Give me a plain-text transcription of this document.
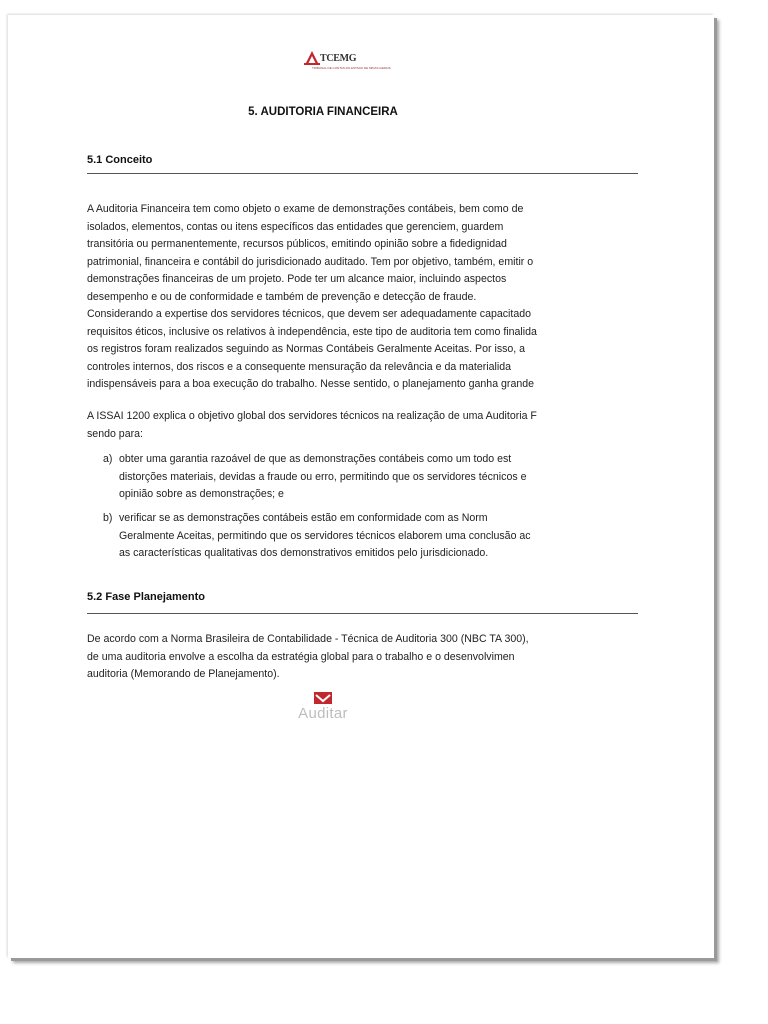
TCEMG
TRIBUNAL DE CONTAS DO ESTADO DE MINAS GERAIS
5. AUDITORIA FINANCEIRA
5.1 Conceito
A Auditoria Financeira tem como objeto o exame de demonstrações contábeis, bem como de
isolados, elementos, contas ou itens específicos das entidades que gerenciem, guardem
transitória ou permanentemente, recursos públicos, emitindo opinião sobre a fidedignidad
patrimonial, financeira e contábil do jurisdicionado auditado. Tem por objetivo, também, emitir o
demonstrações financeiras de um projeto. Pode ter um alcance maior, incluindo aspectos
desempenho e ou de conformidade e também de prevenção e detecção de fraude.
Considerando a expertise dos servidores técnicos, que devem ser adequadamente capacitado
requisitos éticos, inclusive os relativos à independência, este tipo de auditoria tem como finalida
os registros foram realizados seguindo as Normas Contábeis Geralmente Aceitas. Por isso, a
controles internos, dos riscos e a consequente mensuração da relevância e da materialida
indispensáveis para a boa execução do trabalho. Nesse sentido, o planejamento ganha grande
A ISSAI 1200 explica o objetivo global dos servidores técnicos na realização de uma Auditoria F
sendo para:
a) obter uma garantia razoável de que as demonstrações contábeis como um todo est
distorções materiais, devidas a fraude ou erro, permitindo que os servidores técnicos e
opinião sobre as demonstrações; e
b) verificar se as demonstrações contábeis estão em conformidade com as Norm
Geralmente Aceitas, permitindo que os servidores técnicos elaborem uma conclusão ac
as características qualitativas dos demonstrativos emitidos pelo jurisdicionado.
5.2 Fase Planejamento
De acordo com a Norma Brasileira de Contabilidade - Técnica de Auditoria 300 (NBC TA 300),
de uma auditoria envolve a escolha da estratégia global para o trabalho e o desenvolvimen
auditoria (Memorando de Planejamento).
Auditar
